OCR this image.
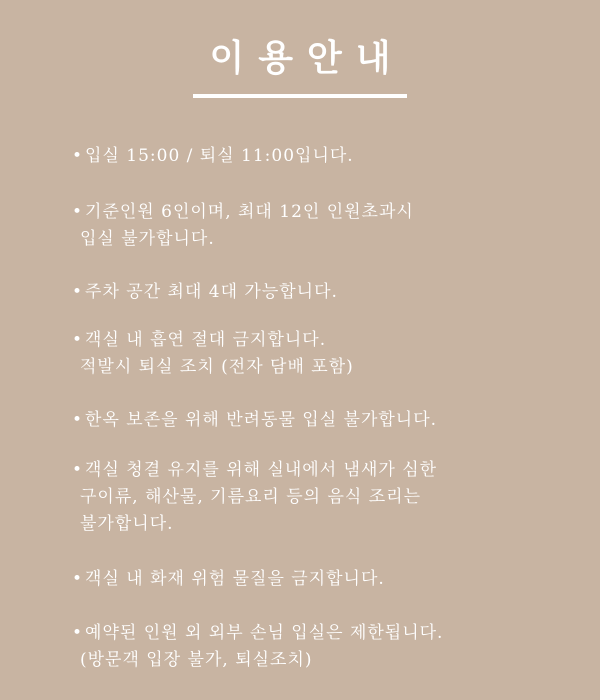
이용안내
• 입실 15:00 / 퇴실 11:00입니다.
• 기준인원 6인이며, 최대 12인 인원초과시
입실 불가합니다.
• 주차 공간 최대 4대 가능합니다.
• 객실 내 흡연 절대 금지합니다.
적발시 퇴실 조치 (전자 담배 포함)
• 한옥 보존을 위해 반려동물 입실 불가합니다.
• 객실 청결 유지를 위해 실내에서 냄새가 심한
구이류, 해산물, 기름요리 등의 음식 조리는
불가합니다.
• 객실 내 화재 위험 물질을 금지합니다.
• 예약된 인원 외 외부 손님 입실은 제한됩니다.
(방문객 입장 불가, 퇴실조치)
